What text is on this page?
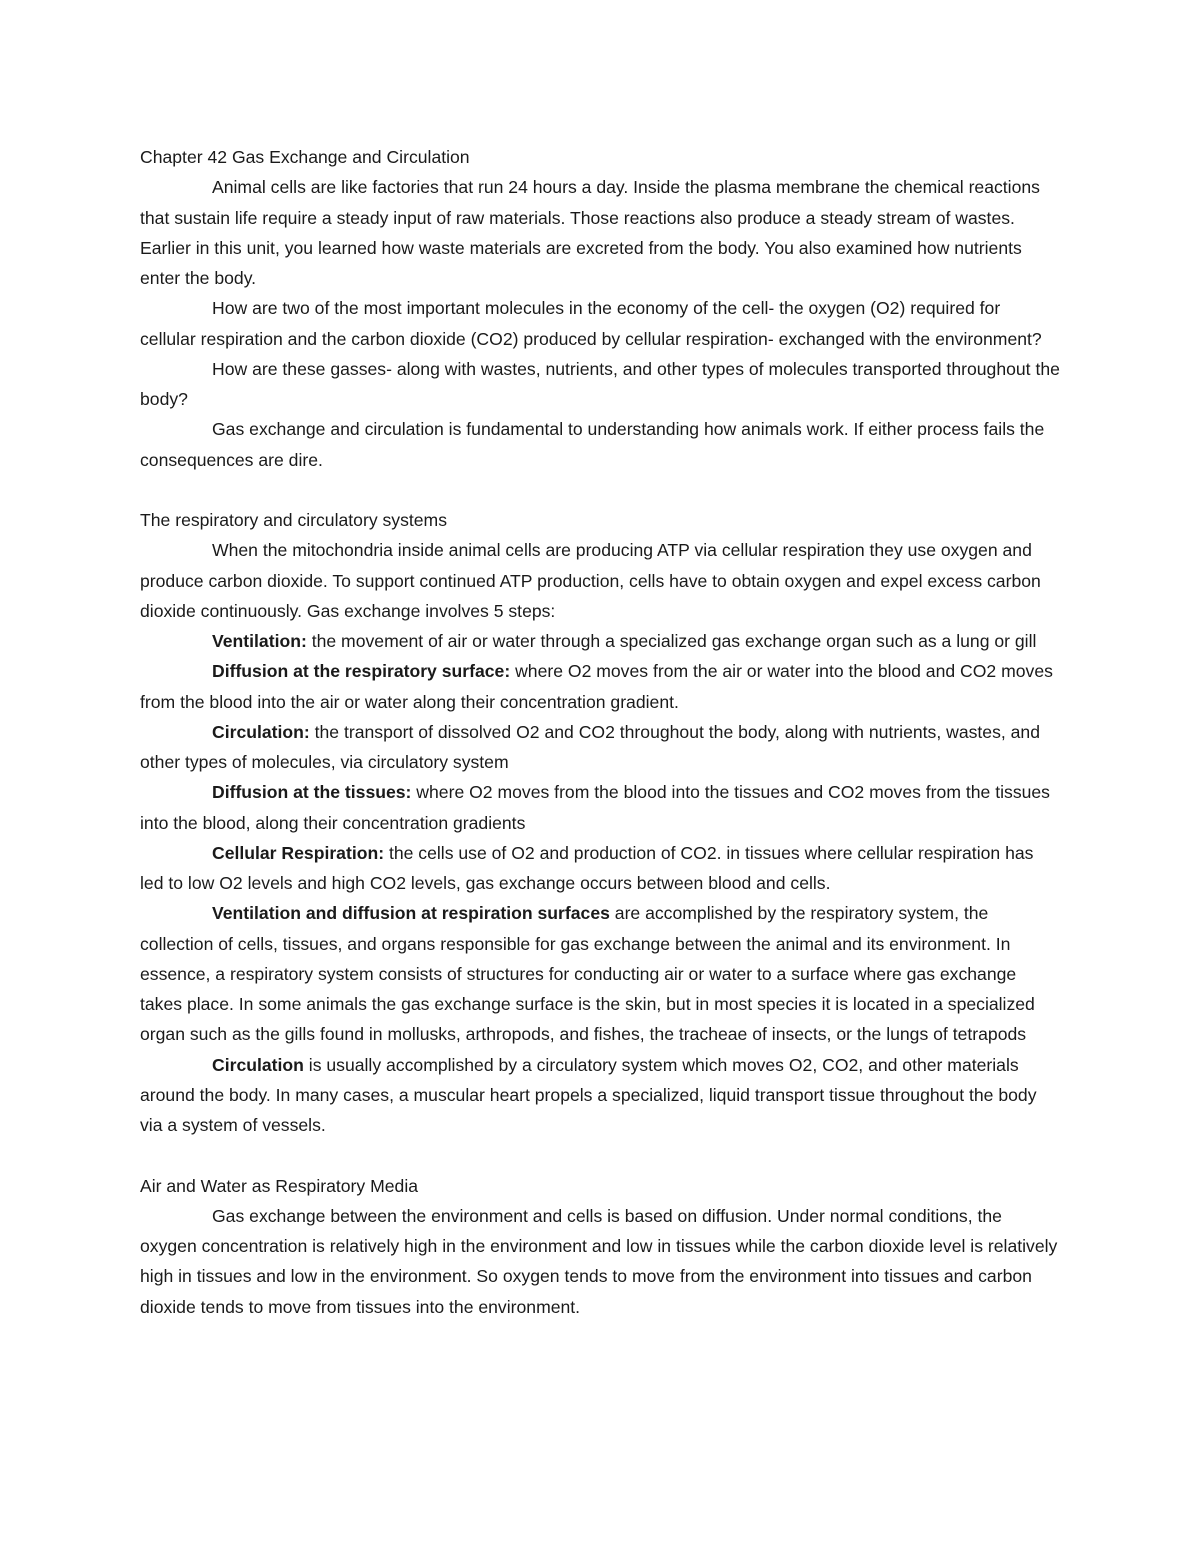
Chapter 42 Gas Exchange and Circulation

Animal cells are like factories that run 24 hours a day. Inside the plasma membrane the chemical reactions that sustain life require a steady input of raw materials. Those reactions also produce a steady stream of wastes. Earlier in this unit, you learned how waste materials are excreted from the body. You also examined how nutrients enter the body.

How are two of the most important molecules in the economy of the cell- the oxygen (O2) required for cellular respiration and the carbon dioxide (CO2) produced by cellular respiration- exchanged with the environment?

How are these gasses- along with wastes, nutrients, and other types of molecules transported throughout the body?

Gas exchange and circulation is fundamental to understanding how animals work. If either process fails the consequences are dire.

The respiratory and circulatory systems

When the mitochondria inside animal cells are producing ATP via cellular respiration they use oxygen and produce carbon dioxide. To support continued ATP production, cells have to obtain oxygen and expel excess carbon dioxide continuously. Gas exchange involves 5 steps:

Ventilation: the movement of air or water through a specialized gas exchange organ such as a lung or gill

Diffusion at the respiratory surface: where O2 moves from the air or water into the blood and CO2 moves from the blood into the air or water along their concentration gradient.

Circulation: the transport of dissolved O2 and CO2 throughout the body, along with nutrients, wastes, and other types of molecules, via circulatory system

Diffusion at the tissues: where O2 moves from the blood into the tissues and CO2 moves from the tissues into the blood, along their concentration gradients

Cellular Respiration: the cells use of O2 and production of CO2. in tissues where cellular respiration has led to low O2 levels and high CO2 levels, gas exchange occurs between blood and cells.

Ventilation and diffusion at respiration surfaces are accomplished by the respiratory system, the collection of cells, tissues, and organs responsible for gas exchange between the animal and its environment. In essence, a respiratory system consists of structures for conducting air or water to a surface where gas exchange takes place. In some animals the gas exchange surface is the skin, but in most species it is located in a specialized organ such as the gills found in mollusks, arthropods, and fishes, the tracheae of insects, or the lungs of tetrapods

Circulation is usually accomplished by a circulatory system which moves O2, CO2, and other materials around the body. In many cases, a muscular heart propels a specialized, liquid transport tissue throughout the body via a system of vessels.

Air and Water as Respiratory Media

Gas exchange between the environment and cells is based on diffusion. Under normal conditions, the oxygen concentration is relatively high in the environment and low in tissues while the carbon dioxide level is relatively high in tissues and low in the environment. So oxygen tends to move from the environment into tissues and carbon dioxide tends to move from tissues into the environment.
